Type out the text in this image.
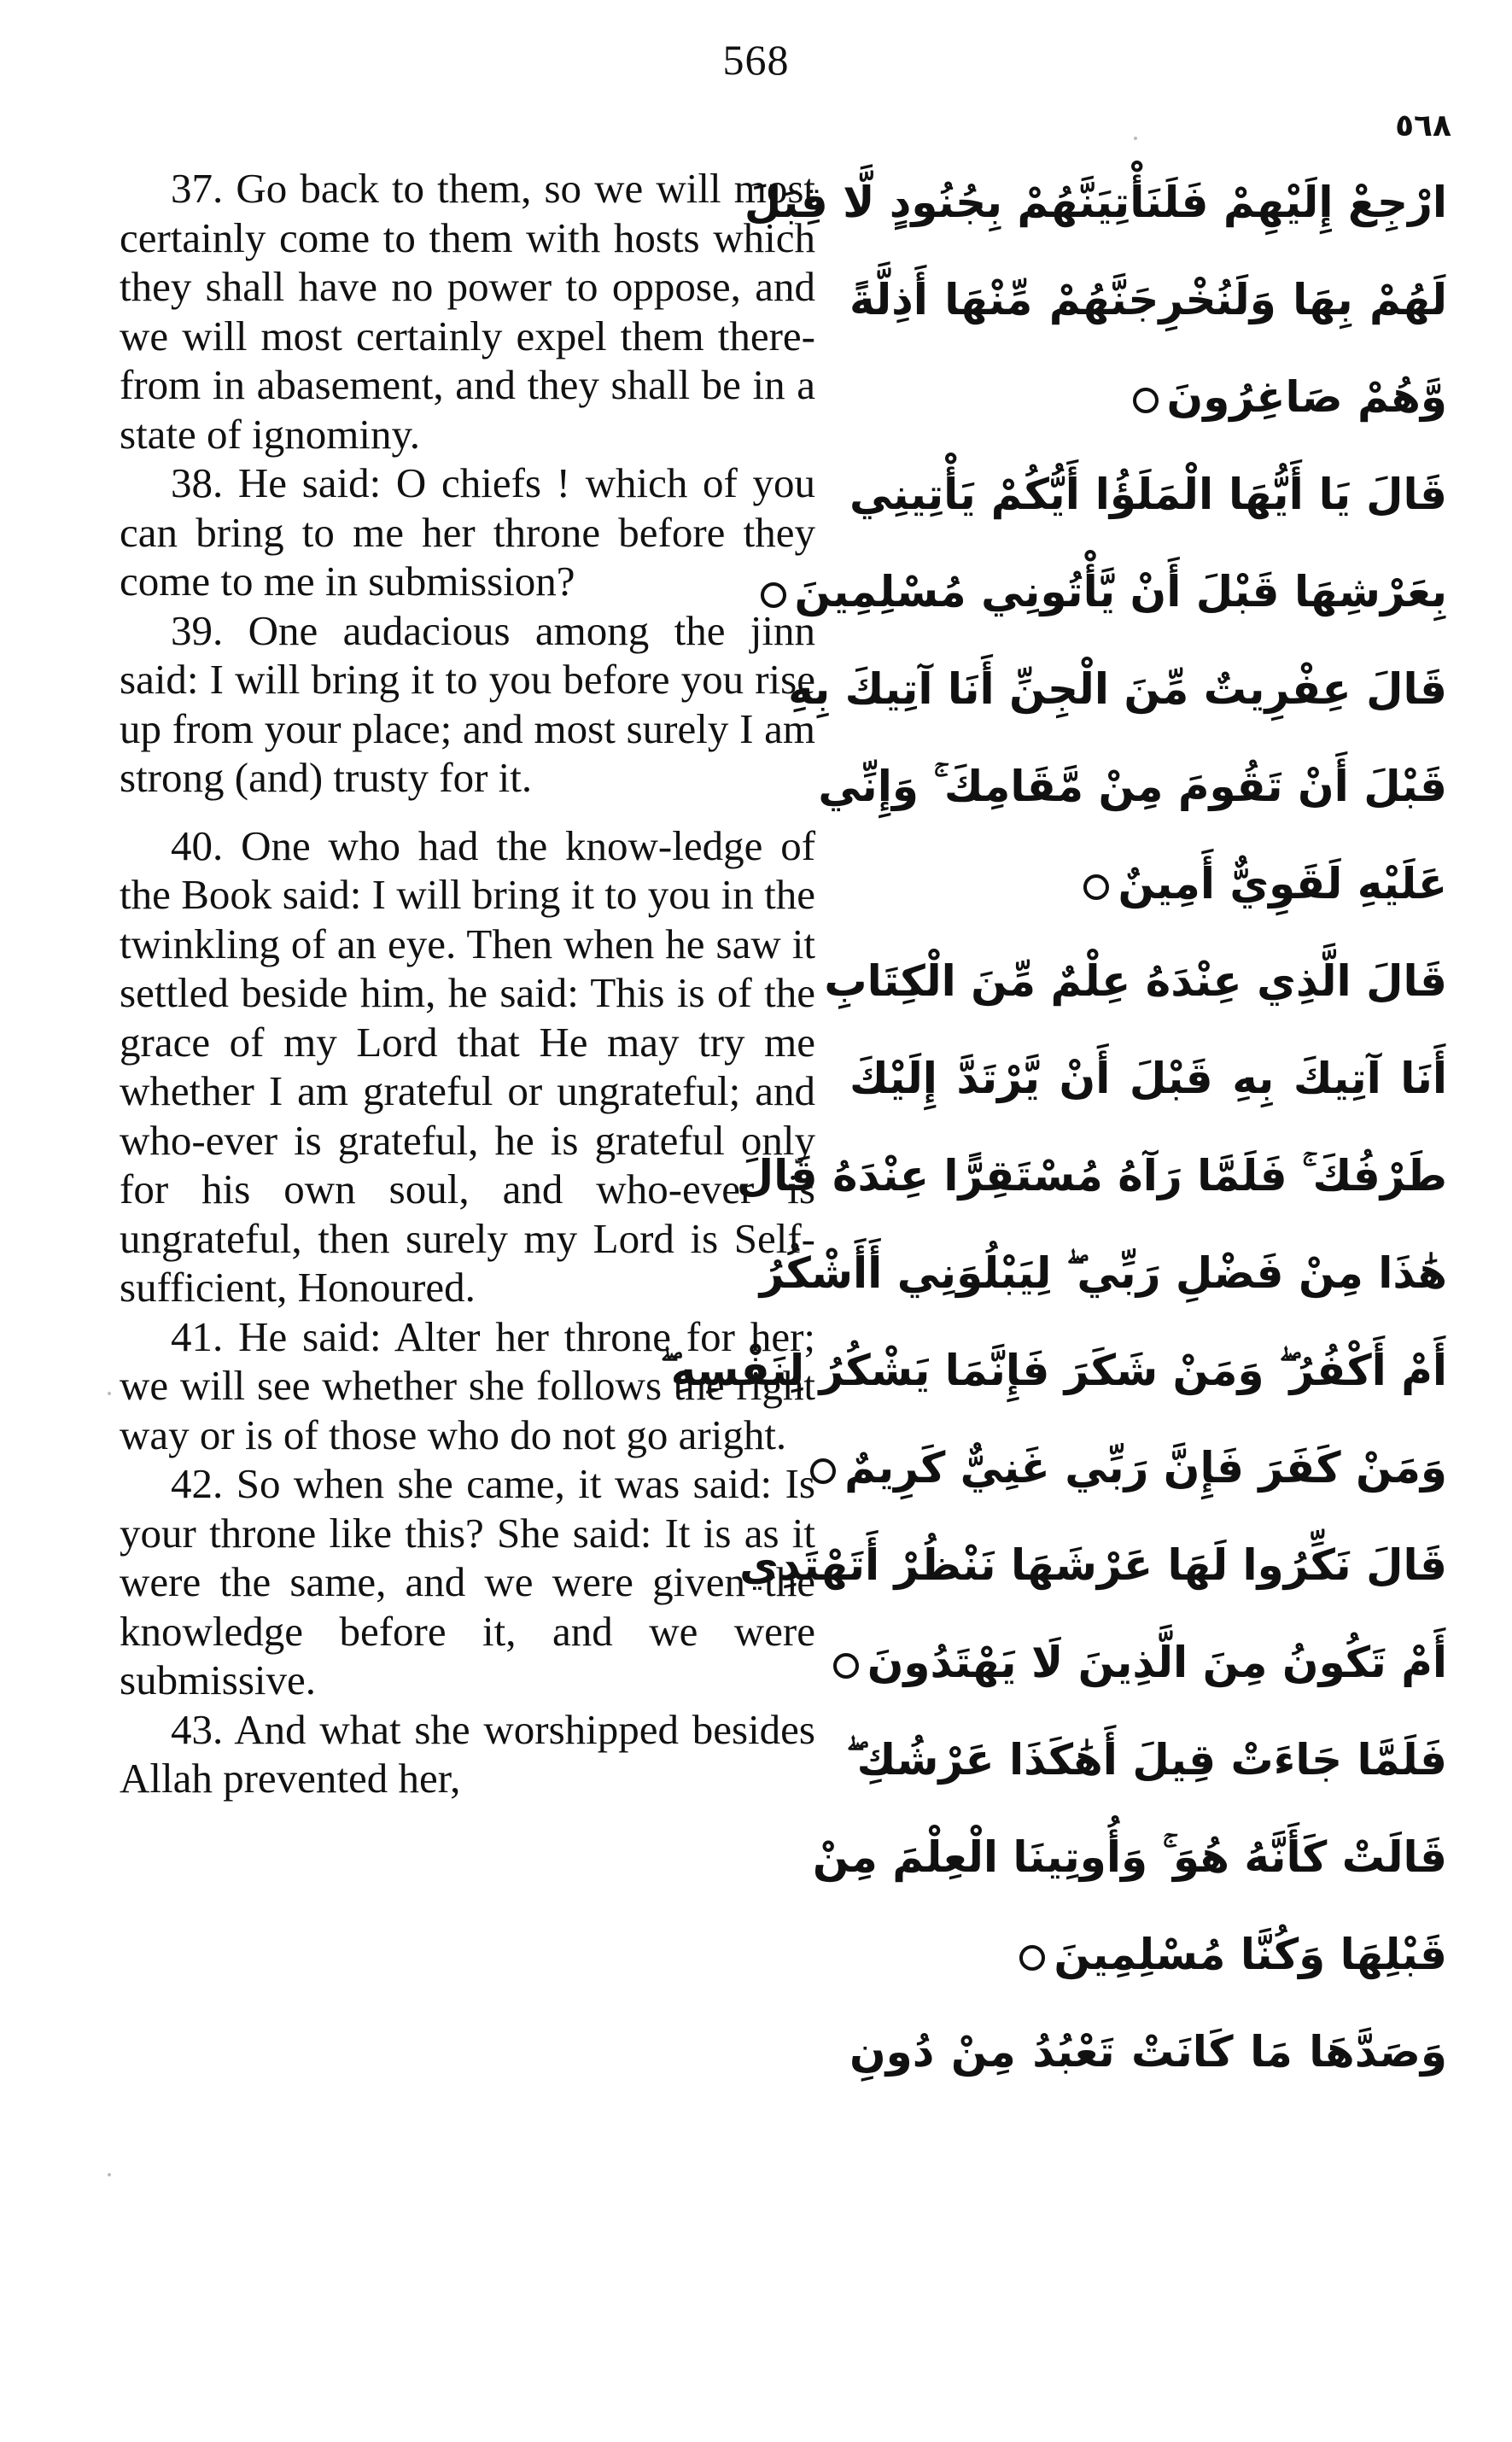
568
٥٦٨

37. Go back to them, so we will most certainly come to them with hosts which they shall have no power to oppose, and we will most certainly expel them there-from in abasement, and they shall be in a state of ignominy.

38. He said: O chiefs ! which of you can bring to me her throne before they come to me in submission?

39. One audacious among the jinn said: I will bring it to you before you rise up from your place; and most surely I am strong (and) trusty for it.

40. One who had the know-ledge of the Book said: I will bring it to you in the twinkling of an eye. Then when he saw it settled beside him, he said: This is of the grace of my Lord that He may try me whether I am grateful or ungrateful; and who-ever is grateful, he is grateful only for his own soul, and who-ever is ungrateful, then surely my Lord is Self-sufficient, Honoured.

41. He said: Alter her throne for her; we will see whether she follows the right way or is of those who do not go aright.

42. So when she came, it was said: Is your throne like this? She said: It is as it were the same, and we were given the knowledge before it, and we were submissive.

43. And what she worshipped besides Allah prevented her,

ارْجِعْ إِلَيْهِمْ فَلَنَأْتِيَنَّهُمْ بِجُنُودٍ لَّا قِبَلَ
لَهُمْ بِهَا وَلَنُخْرِجَنَّهُمْ مِّنْهَا أَذِلَّةً
وَّهُمْ صَاغِرُونَ
قَالَ يَا أَيُّهَا الْمَلَؤُا أَيُّكُمْ يَأْتِينِي
بِعَرْشِهَا قَبْلَ أَنْ يَّأْتُونِي مُسْلِمِينَ
قَالَ عِفْرِيتٌ مِّنَ الْجِنِّ أَنَا آتِيكَ بِهِ
قَبْلَ أَنْ تَقُومَ مِنْ مَّقَامِكَ ۚ وَإِنِّي
عَلَيْهِ لَقَوِيٌّ أَمِينٌ
قَالَ الَّذِي عِنْدَهُ عِلْمٌ مِّنَ الْكِتَابِ
أَنَا آتِيكَ بِهِ قَبْلَ أَنْ يَّرْتَدَّ إِلَيْكَ
طَرْفُكَ ۚ فَلَمَّا رَآهُ مُسْتَقِرًّا عِنْدَهُ قَالَ
هَٰذَا مِنْ فَضْلِ رَبِّي ۖ لِيَبْلُوَنِي أَأَشْكُرُ
أَمْ أَكْفُرُ ۖ وَمَنْ شَكَرَ فَإِنَّمَا يَشْكُرُ لِنَفْسِهِ ۖ
وَمَنْ كَفَرَ فَإِنَّ رَبِّي غَنِيٌّ كَرِيمٌ
قَالَ نَكِّرُوا لَهَا عَرْشَهَا نَنْظُرْ أَتَهْتَدِي
أَمْ تَكُونُ مِنَ الَّذِينَ لَا يَهْتَدُونَ
فَلَمَّا جَاءَتْ قِيلَ أَهَٰكَذَا عَرْشُكِ ۖ
قَالَتْ كَأَنَّهُ هُوَ ۚ وَأُوتِينَا الْعِلْمَ مِنْ
قَبْلِهَا وَكُنَّا مُسْلِمِينَ
وَصَدَّهَا مَا كَانَتْ تَعْبُدُ مِنْ دُونِ
